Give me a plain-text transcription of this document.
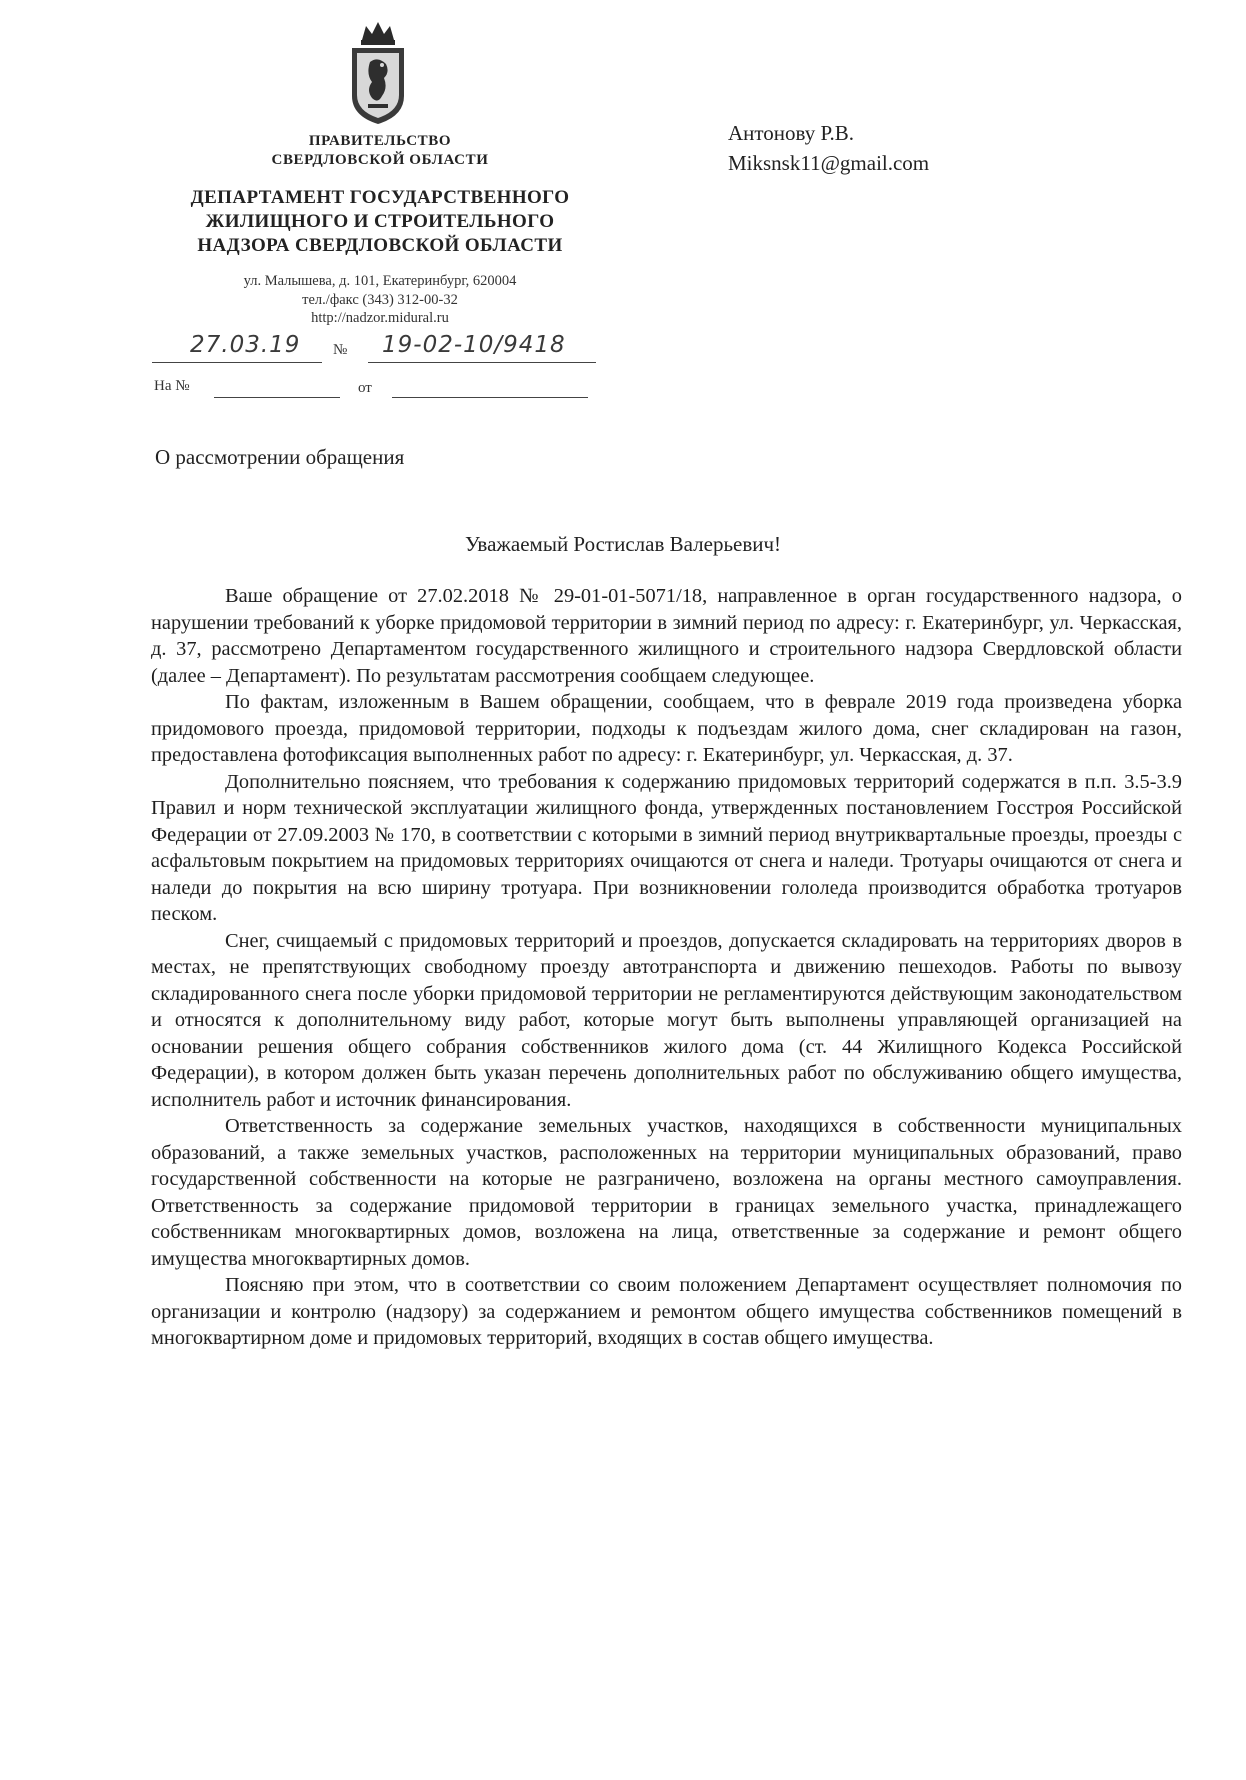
ПРАВИТЕЛЬСТВО
СВЕРДЛОВСКОЙ ОБЛАСТИ
ДЕПАРТАМЕНТ ГОСУДАРСТВЕННОГО
ЖИЛИЩНОГО И СТРОИТЕЛЬНОГО
НАДЗОРА СВЕРДЛОВСКОЙ ОБЛАСТИ
ул. Малышева, д. 101, Екатеринбург, 620004
тел./факс (343) 312-00-32
http://nadzor.midural.ru
27.03.19 № 19-02-10/9418
На №	от
Антонову Р.В.
Miksnsk11@gmail.com
О рассмотрении обращения
Уважаемый Ростислав Валерьевич!

Ваше обращение от 27.02.2018 № 29-01-01-5071/18, направленное в орган государственного надзора, о нарушении требований к уборке придомовой территории в зимний период по адресу: г. Екатеринбург, ул. Черкасская, д. 37, рассмотрено Департаментом государственного жилищного и строительного надзора Свердловской области (далее – Департамент). По результатам рассмотрения сообщаем следующее.

По фактам, изложенным в Вашем обращении, сообщаем, что в феврале 2019 года произведена уборка придомового проезда, придомовой территории, подходы к подъездам жилого дома, снег складирован на газон, предоставлена фотофиксация выполненных работ по адресу: г. Екатеринбург, ул. Черкасская, д. 37.

Дополнительно поясняем, что требования к содержанию придомовых территорий содержатся в п.п. 3.5-3.9 Правил и норм технической эксплуатации жилищного фонда, утвержденных постановлением Госстроя Российской Федерации от 27.09.2003 № 170, в соответствии с которыми в зимний период внутриквартальные проезды, проезды с асфальтовым покрытием на придомовых территориях очищаются от снега и наледи. Тротуары очищаются от снега и наледи до покрытия на всю ширину тротуара. При возникновении гололеда производится обработка тротуаров песком.

Снег, счищаемый с придомовых территорий и проездов, допускается складировать на территориях дворов в местах, не препятствующих свободному проезду автотранспорта и движению пешеходов. Работы по вывозу складированного снега после уборки придомовой территории не регламентируются действующим законодательством и относятся к дополнительному виду работ, которые могут быть выполнены управляющей организацией на основании решения общего собрания собственников жилого дома (ст. 44 Жилищного Кодекса Российской Федерации), в котором должен быть указан перечень дополнительных работ по обслуживанию общего имущества, исполнитель работ и источник финансирования.

Ответственность за содержание земельных участков, находящихся в собственности муниципальных образований, а также земельных участков, расположенных на территории муниципальных образований, право государственной собственности на которые не разграничено, возложена на органы местного самоуправления. Ответственность за содержание придомовой территории в границах земельного участка, принадлежащего собственникам многоквартирных домов, возложена на лица, ответственные за содержание и ремонт общего имущества многоквартирных домов.

Поясняю при этом, что в соответствии со своим положением Департамент осуществляет полномочия по организации и контролю (надзору) за содержанием и ремонтом общего имущества собственников помещений в многоквартирном доме и придомовых территорий, входящих в состав общего имущества.
